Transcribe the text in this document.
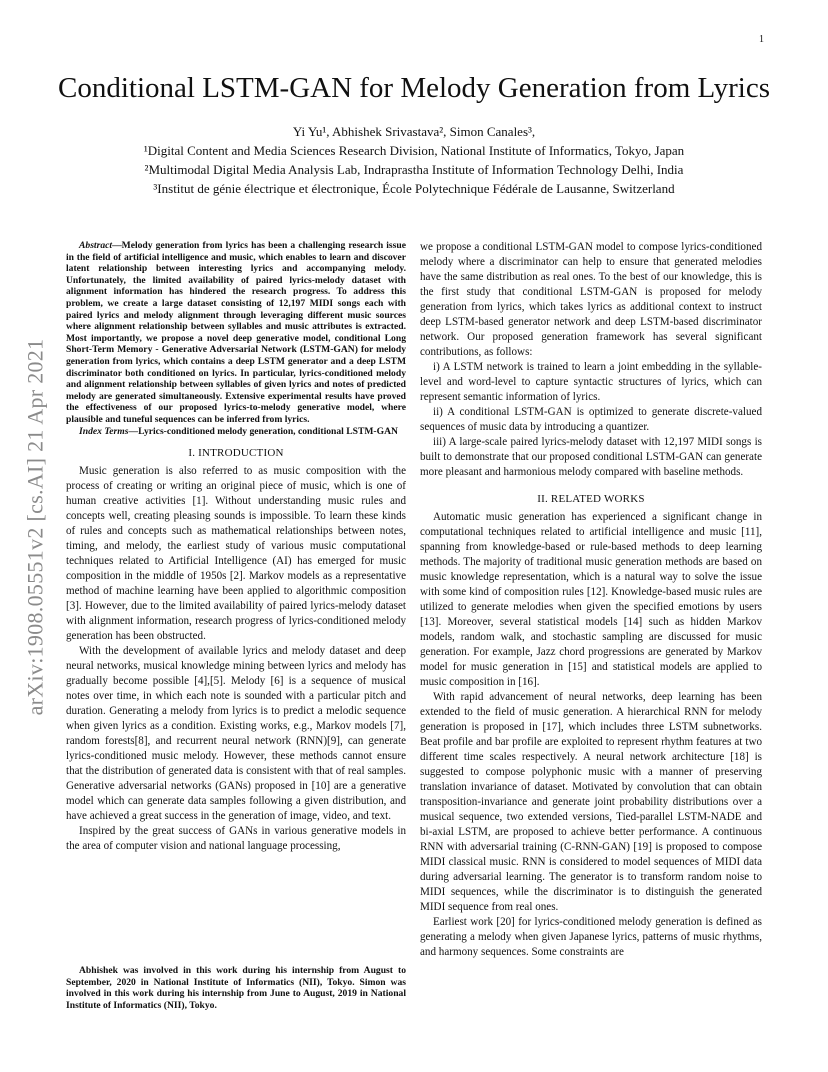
1
arXiv:1908.05551v2 [cs.AI] 21 Apr 2021
Conditional LSTM-GAN for Melody Generation from Lyrics
Yi Yu¹, Abhishek Srivastava², Simon Canales³,
¹Digital Content and Media Sciences Research Division, National Institute of Informatics, Tokyo, Japan
²Multimodal Digital Media Analysis Lab, Indraprastha Institute of Information Technology Delhi, India
³Institut de génie électrique et électronique, École Polytechnique Fédérale de Lausanne, Switzerland

Abstract—Melody generation from lyrics has been a challenging research issue in the field of artificial intelligence and music, which enables to learn and discover latent relationship between interesting lyrics and accompanying melody. Unfortunately, the limited availability of paired lyrics-melody dataset with alignment information has hindered the research progress. To address this problem, we create a large dataset consisting of 12,197 MIDI songs each with paired lyrics and melody alignment through leveraging different music sources where alignment relationship between syllables and music attributes is extracted. Most importantly, we propose a novel deep generative model, conditional Long Short-Term Memory - Generative Adversarial Network (LSTM-GAN) for melody generation from lyrics, which contains a deep LSTM generator and a deep LSTM discriminator both conditioned on lyrics. In particular, lyrics-conditioned melody and alignment relationship between syllables of given lyrics and notes of predicted melody are generated simultaneously. Extensive experimental results have proved the effectiveness of our proposed lyrics-to-melody generative model, where plausible and tuneful sequences can be inferred from lyrics.

Index Terms—Lyrics-conditioned melody generation, conditional LSTM-GAN

I. INTRODUCTION

Music generation is also referred to as music composition with the process of creating or writing an original piece of music, which is one of human creative activities [1]. Without understanding music rules and concepts well, creating pleasing sounds is impossible. To learn these kinds of rules and concepts such as mathematical relationships between notes, timing, and melody, the earliest study of various music computational techniques related to Artificial Intelligence (AI) has emerged for music composition in the middle of 1950s [2]. Markov models as a representative method of machine learning have been applied to algorithmic composition [3]. However, due to the limited availability of paired lyrics-melody dataset with alignment information, research progress of lyrics-conditioned melody generation has been obstructed.

With the development of available lyrics and melody dataset and deep neural networks, musical knowledge mining between lyrics and melody has gradually become possible [4],[5]. Melody [6] is a sequence of musical notes over time, in which each note is sounded with a particular pitch and duration. Generating a melody from lyrics is to predict a melodic sequence when given lyrics as a condition. Existing works, e.g., Markov models [7], random forests[8], and recurrent neural network (RNN)[9], can generate lyrics-conditioned music melody. However, these methods cannot ensure that the distribution of generated data is consistent with that of real samples. Generative adversarial networks (GANs) proposed in [10] are a generative model which can generate data samples following a given distribution, and have achieved a great success in the generation of image, video, and text.

Inspired by the great success of GANs in various generative models in the area of computer vision and national language processing,

Abhishek was involved in this work during his internship from August to September, 2020 in National Institute of Informatics (NII), Tokyo. Simon was involved in this work during his internship from June to August, 2019 in National Institute of Informatics (NII), Tokyo.

we propose a conditional LSTM-GAN model to compose lyrics-conditioned melody where a discriminator can help to ensure that generated melodies have the same distribution as real ones. To the best of our knowledge, this is the first study that conditional LSTM-GAN is proposed for melody generation from lyrics, which takes lyrics as additional context to instruct deep LSTM-based generator network and deep LSTM-based discriminator network. Our proposed generation framework has several significant contributions, as follows:

i) A LSTM network is trained to learn a joint embedding in the syllable-level and word-level to capture syntactic structures of lyrics, which can represent semantic information of lyrics.

ii) A conditional LSTM-GAN is optimized to generate discrete-valued sequences of music data by introducing a quantizer.

iii) A large-scale paired lyrics-melody dataset with 12,197 MIDI songs is built to demonstrate that our proposed conditional LSTM-GAN can generate more pleasant and harmonious melody compared with baseline methods.

II. RELATED WORKS

Automatic music generation has experienced a significant change in computational techniques related to artificial intelligence and music [11], spanning from knowledge-based or rule-based methods to deep learning methods. The majority of traditional music generation methods are based on music knowledge representation, which is a natural way to solve the issue with some kind of composition rules [12]. Knowledge-based music rules are utilized to generate melodies when given the specified emotions by users [13]. Moreover, several statistical models [14] such as hidden Markov models, random walk, and stochastic sampling are discussed for music generation. For example, Jazz chord progressions are generated by Markov model for music generation in [15] and statistical models are applied to music composition in [16].

With rapid advancement of neural networks, deep learning has been extended to the field of music generation. A hierarchical RNN for melody generation is proposed in [17], which includes three LSTM subnetworks. Beat profile and bar profile are exploited to represent rhythm features at two different time scales respectively. A neural network architecture [18] is suggested to compose polyphonic music with a manner of preserving translation invariance of dataset. Motivated by convolution that can obtain transposition-invariance and generate joint probability distributions over a musical sequence, two extended versions, Tied-parallel LSTM-NADE and bi-axial LSTM, are proposed to achieve better performance. A continuous RNN with adversarial training (C-RNN-GAN) [19] is proposed to compose MIDI classical music. RNN is considered to model sequences of MIDI data during adversarial learning. The generator is to transform random noise to MIDI sequences, while the discriminator is to distinguish the generated MIDI sequence from real ones.

Earliest work [20] for lyrics-conditioned melody generation is defined as generating a melody when given Japanese lyrics, patterns of music rhythms, and harmony sequences. Some constraints are
